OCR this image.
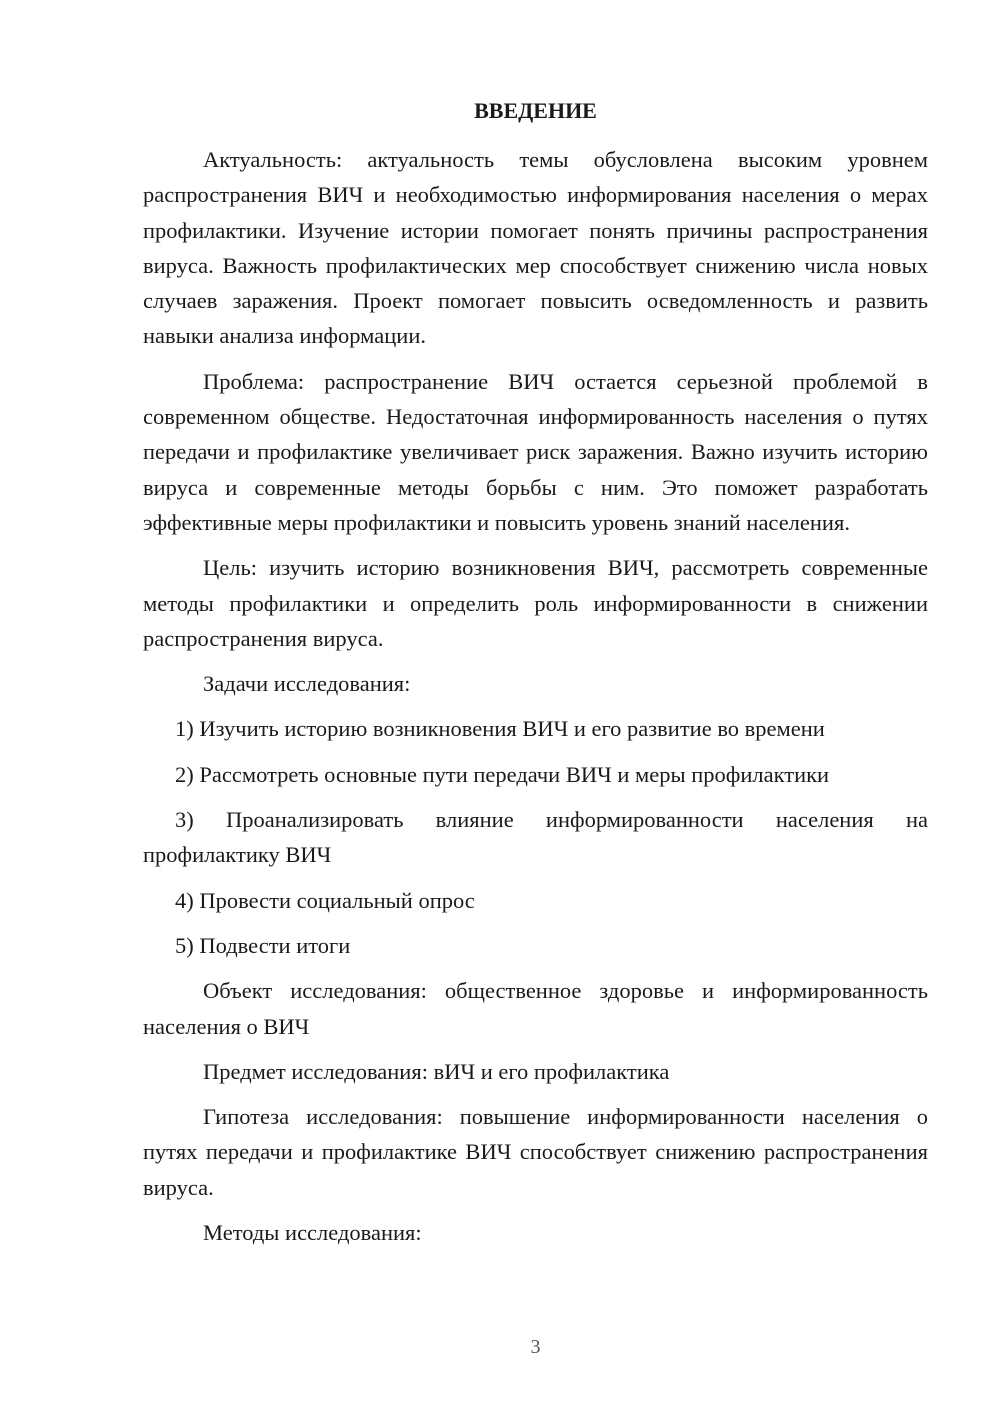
ВВЕДЕНИЕ

Актуальность: актуальность темы обусловлена высоким уровнем распространения ВИЧ и необходимостью информирования населения о мерах профилактики. Изучение истории помогает понять причины распространения вируса. Важность профилактических мер способствует снижению числа новых случаев заражения. Проект помогает повысить осведомленность и развить навыки анализа информации.

Проблема: распространение ВИЧ остается серьезной проблемой в современном обществе. Недостаточная информированность населения о путях передачи и профилактике увеличивает риск заражения. Важно изучить историю вируса и современные методы борьбы с ним. Это поможет разработать эффективные меры профилактики и повысить уровень знаний населения.

Цель: изучить историю возникновения ВИЧ, рассмотреть современные методы профилактики и определить роль информированности в снижении распространения вируса.

Задачи исследования:

1) Изучить историю возникновения ВИЧ и его развитие во времени

2) Рассмотреть основные пути передачи ВИЧ и меры профилактики

3) Проанализировать влияние информированности населения на профилактику ВИЧ

4) Провести социальный опрос

5) Подвести итоги

Объект исследования: общественное здоровье и информированность населения о ВИЧ

Предмет исследования: вИЧ и его профилактика

Гипотеза исследования: повышение информированности населения о путях передачи и профилактике ВИЧ способствует снижению распространения вируса.

Методы исследования:

3
